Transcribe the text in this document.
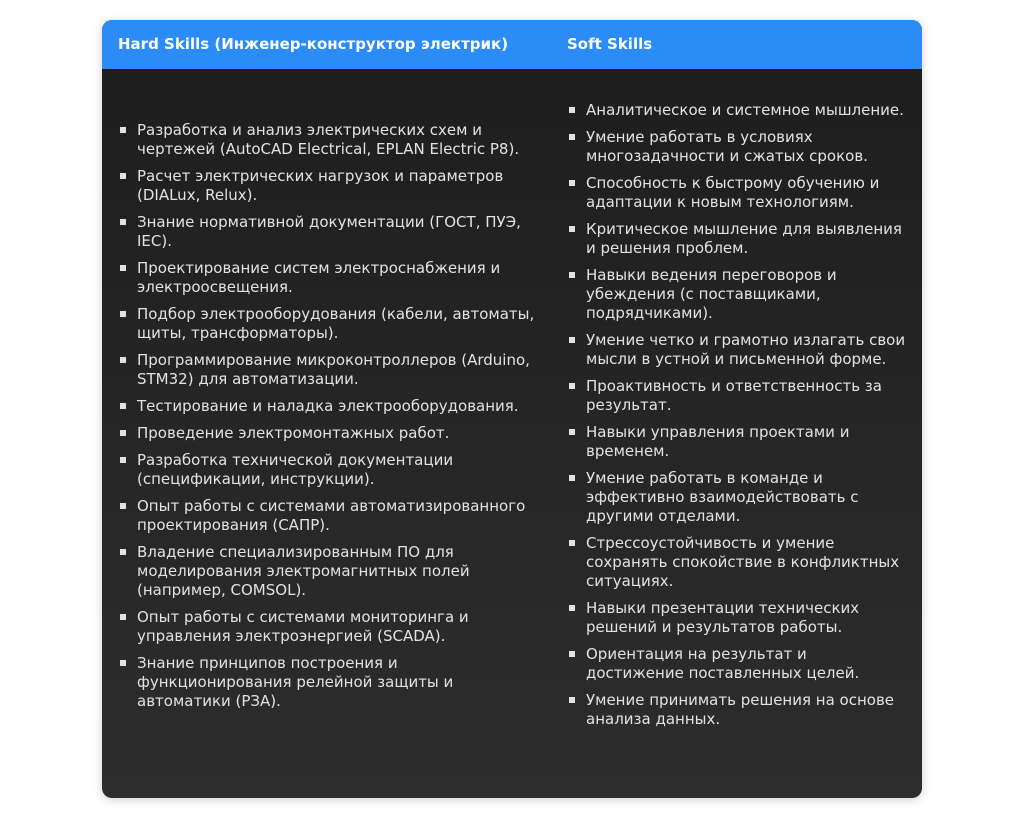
Hard Skills (Инженер-конструктор электрик)	Soft Skills
Разработка и анализ электрических схем и чертежей (AutoCAD Electrical, EPLAN Electric P8).
Расчет электрических нагрузок и параметров (DIALux, Relux).
Знание нормативной документации (ГОСТ, ПУЭ, IEC).
Проектирование систем электроснабжения и электроосвещения.
Подбор электрооборудования (кабели, автоматы, щиты, трансформаторы).
Программирование микроконтроллеров (Arduino, STM32) для автоматизации.
Тестирование и наладка электрооборудования.
Проведение электромонтажных работ.
Разработка технической документации (спецификации, инструкции).
Опыт работы с системами автоматизированного проектирования (САПР).
Владение специализированным ПО для моделирования электромагнитных полей (например, COMSOL).
Опыт работы с системами мониторинга и управления электроэнергией (SCADA).
Знание принципов построения и функционирования релейной защиты и автоматики (РЗА).
Аналитическое и системное мышление.
Умение работать в условиях многозадачности и сжатых сроков.
Способность к быстрому обучению и адаптации к новым технологиям.
Критическое мышление для выявления и решения проблем.
Навыки ведения переговоров и убеждения (с поставщиками, подрядчиками).
Умение четко и грамотно излагать свои мысли в устной и письменной форме.
Проактивность и ответственность за результат.
Навыки управления проектами и временем.
Умение работать в команде и эффективно взаимодействовать с другими отделами.
Стрессоустойчивость и умение сохранять спокойствие в конфликтных ситуациях.
Навыки презентации технических решений и результатов работы.
Ориентация на результат и достижение поставленных целей.
Умение принимать решения на основе анализа данных.
